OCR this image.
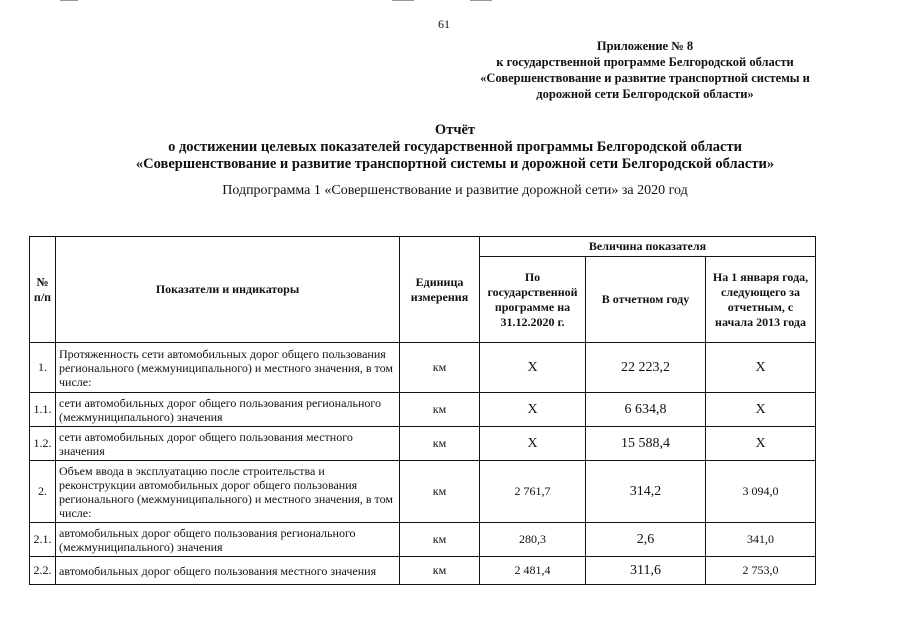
61
Приложение № 8
к государственной программе Белгородской области
«Совершенствование и развитие транспортной системы и
дорожной сети Белгородской области»
Отчёт
о достижении целевых показателей государственной программы Белгородской области
«Совершенствование и развитие транспортной системы и дорожной сети Белгородской области»
Подпрограмма 1 «Совершенствование и развитие дорожной сети» за 2020 год
№ п/п	Показатели и индикаторы	Единица измерения	Величина показателя		
			По государственной программе на 31.12.2020 г.	В отчетном году	На 1 января года, следующего за отчетным, с начала 2013 года
1.	Протяженность сети автомобильных дорог общего пользования регионального (межмуниципального) и местного значения, в том числе:	км	Х	22 223,2	Х
1.1.	сети автомобильных дорог общего пользования регионального (межмуниципального) значения	км	Х	6 634,8	Х
1.2.	сети автомобильных дорог общего пользования местного значения	км	Х	15 588,4	Х
2.	Объем ввода в эксплуатацию после строительства и реконструкции автомобильных дорог общего пользования регионального (межмуниципального) и местного значения, в том числе:	км	2 761,7	314,2	3 094,0
2.1.	автомобильных дорог общего пользования регионального (межмуниципального) значения	км	280,3	2,6	341,0
2.2.	автомобильных дорог общего пользования местного значения	км	2 481,4	311,6	2 753,0
